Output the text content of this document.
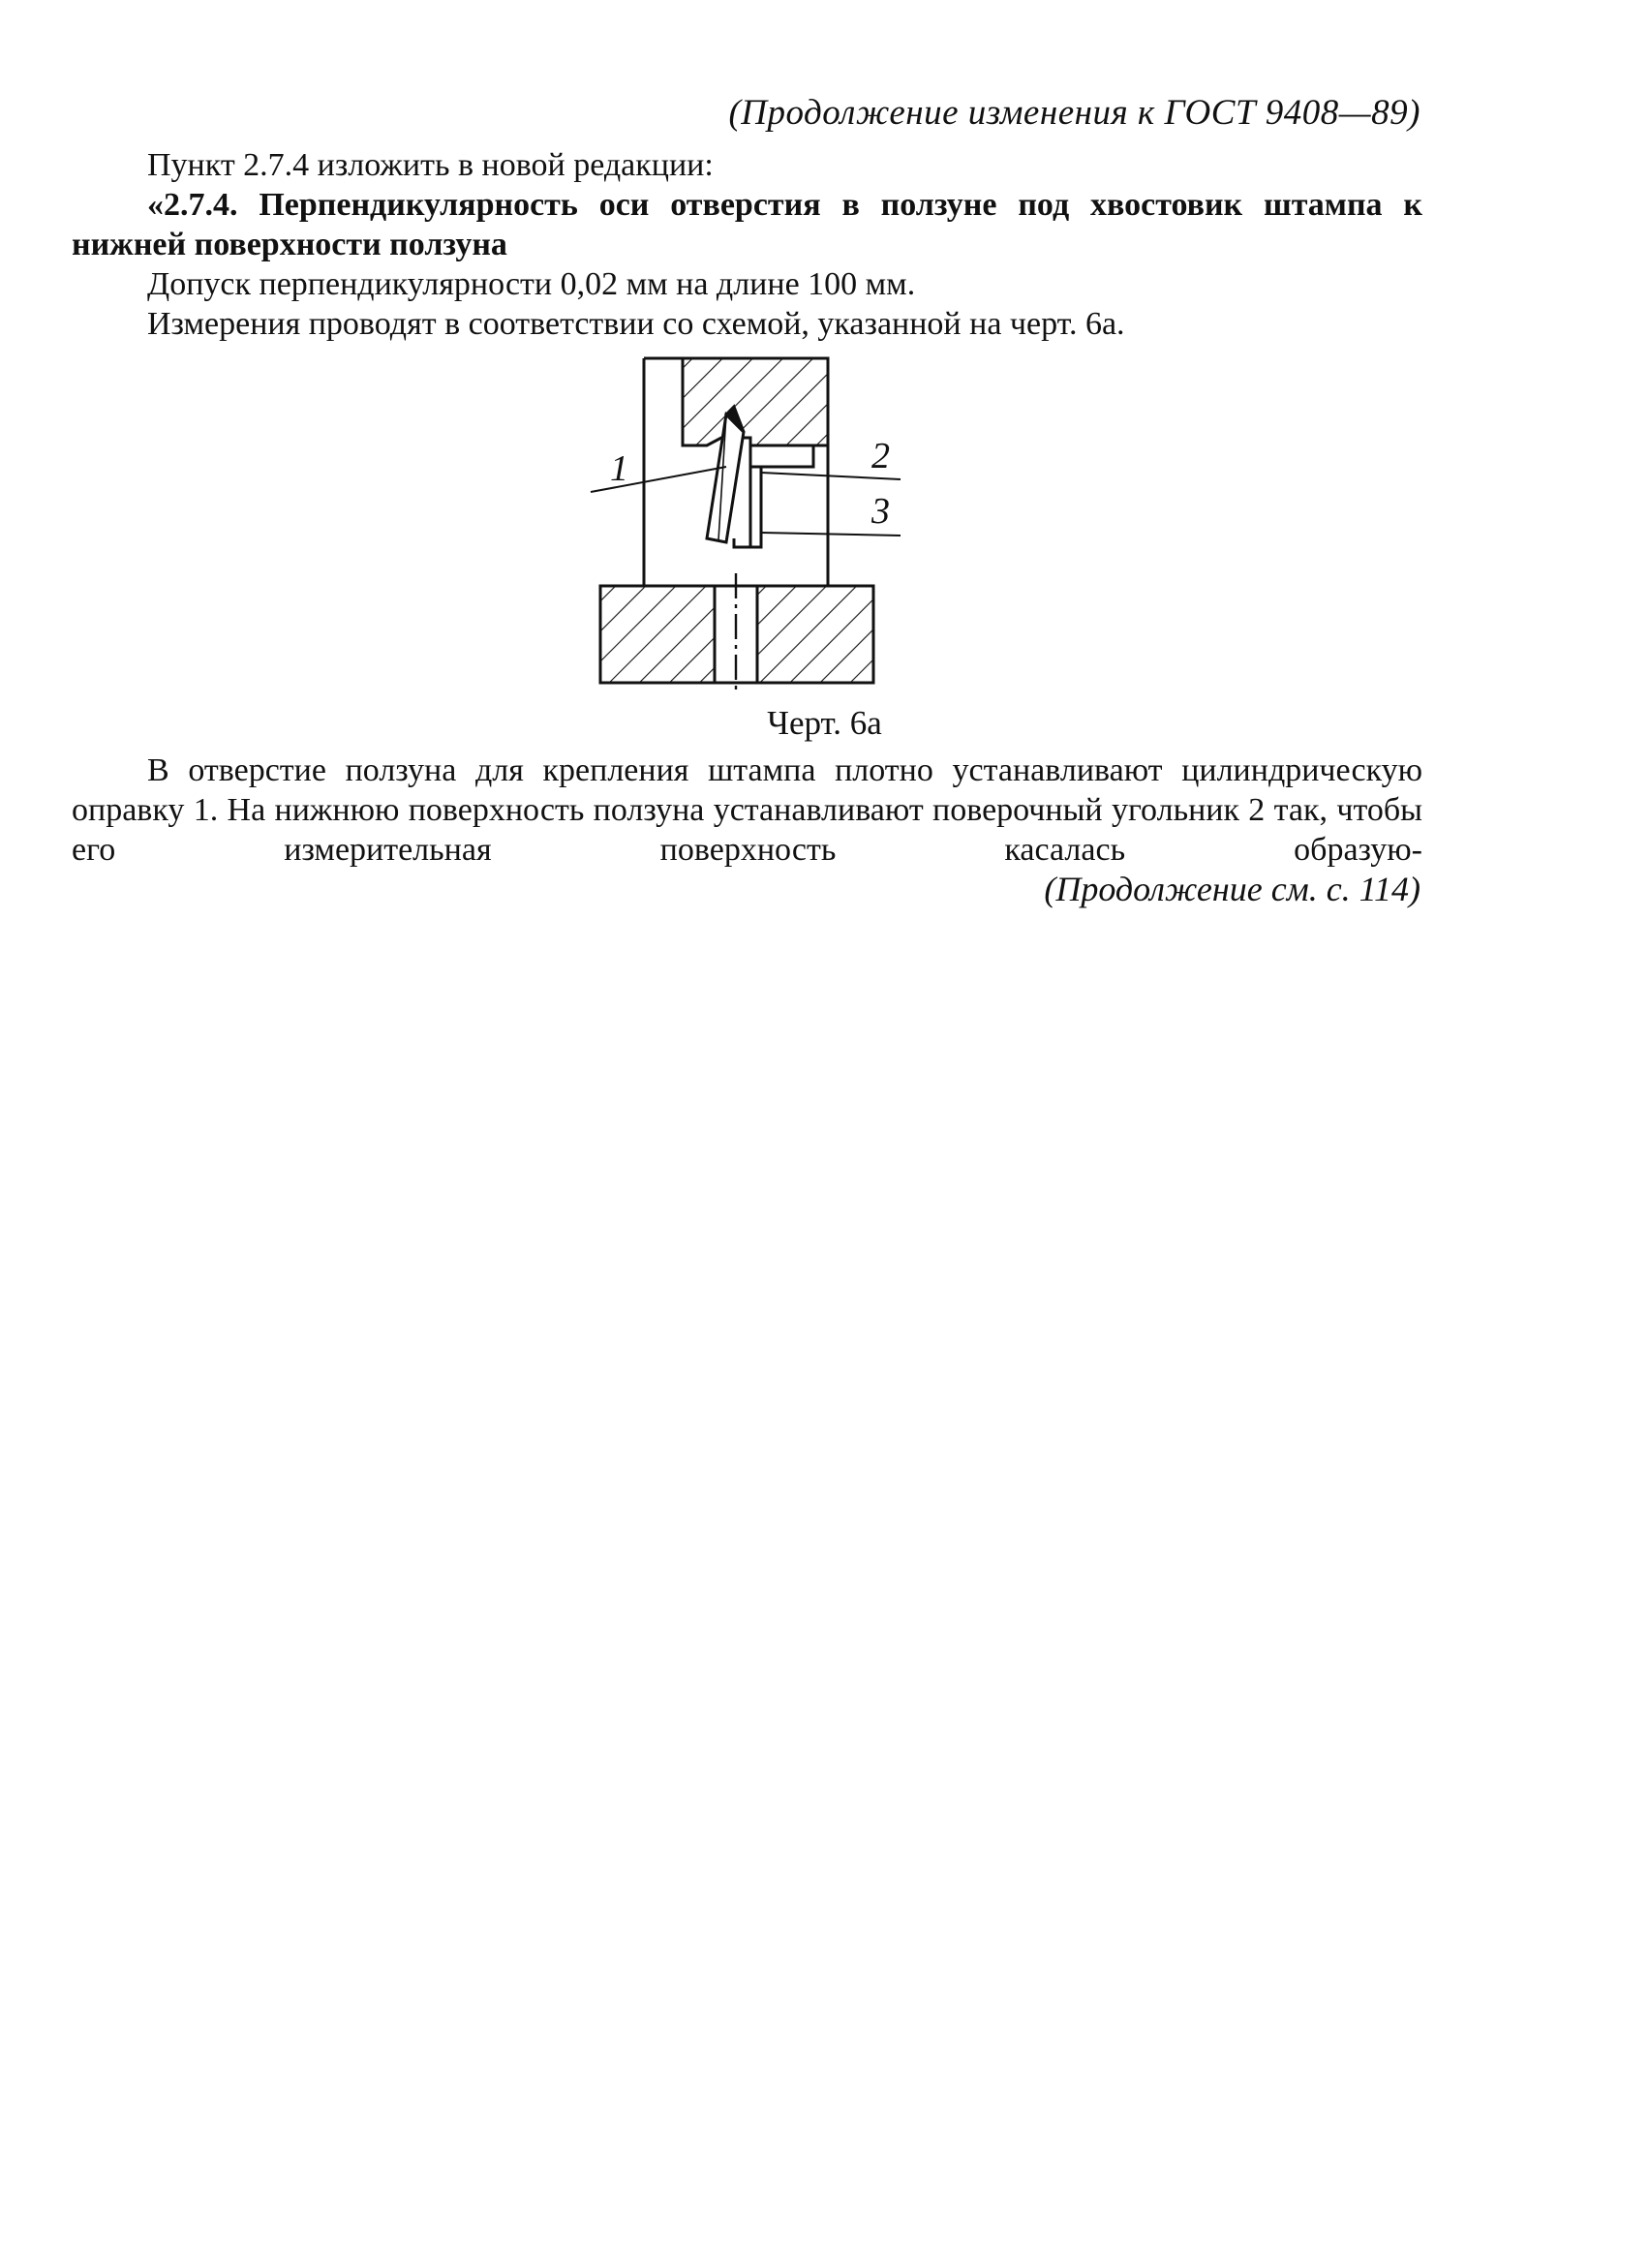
(Продолжение изменения к ГОСТ 9408—89)

Пункт 2.7.4 изложить в новой редакции:

«2.7.4. Перпендикулярность оси отверстия в ползуне под хвостовик штампа к нижней поверхности ползуна

Допуск перпендикулярности 0,02 мм на длине 100 мм.

Измерения проводят в соответствии со схемой, указанной на черт. 6а.

1	2
3
Черт. 6а

В отверстие ползуна для крепления штампа плотно устанавливают цилиндрическую оправку 1. На нижнюю поверхность ползуна устанавливают поверочный угольник 2 так, чтобы его измерительная поверхность касалась образую-

(Продолжение см. с. 114)
